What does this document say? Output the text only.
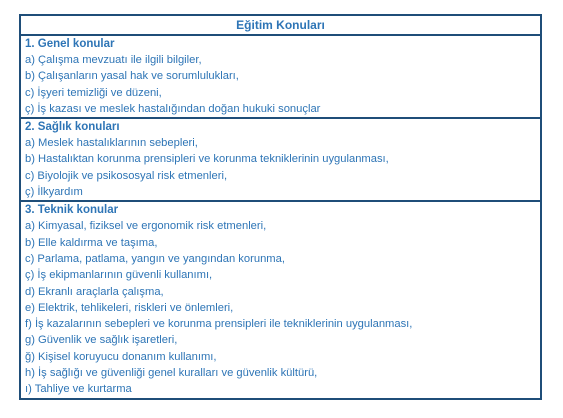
Eğitim Konuları
1. Genel konular
a) Çalışma mevzuatı ile ilgili bilgiler,
b) Çalışanların yasal hak ve sorumlulukları,
c) İşyeri temizliği ve düzeni,
ç) İş kazası ve meslek hastalığından doğan hukuki sonuçlar
2. Sağlık konuları
a) Meslek hastalıklarının sebepleri,
b) Hastalıktan korunma prensipleri ve korunma tekniklerinin uygulanması,
c) Biyolojik ve psikososyal risk etmenleri,
ç) İlkyardım
3. Teknik konular
a) Kimyasal, fiziksel ve ergonomik risk etmenleri,
b) Elle kaldırma ve taşıma,
c) Parlama, patlama, yangın ve yangından korunma,
ç) İş ekipmanlarının güvenli kullanımı,
d) Ekranlı araçlarla çalışma,
e) Elektrik, tehlikeleri, riskleri ve önlemleri,
f) İş kazalarının sebepleri ve korunma prensipleri ile tekniklerinin uygulanması,
g) Güvenlik ve sağlık işaretleri,
ğ) Kişisel koruyucu donanım kullanımı,
h) İş sağlığı ve güvenliği genel kuralları ve güvenlik kültürü,
ı) Tahliye ve kurtarma
